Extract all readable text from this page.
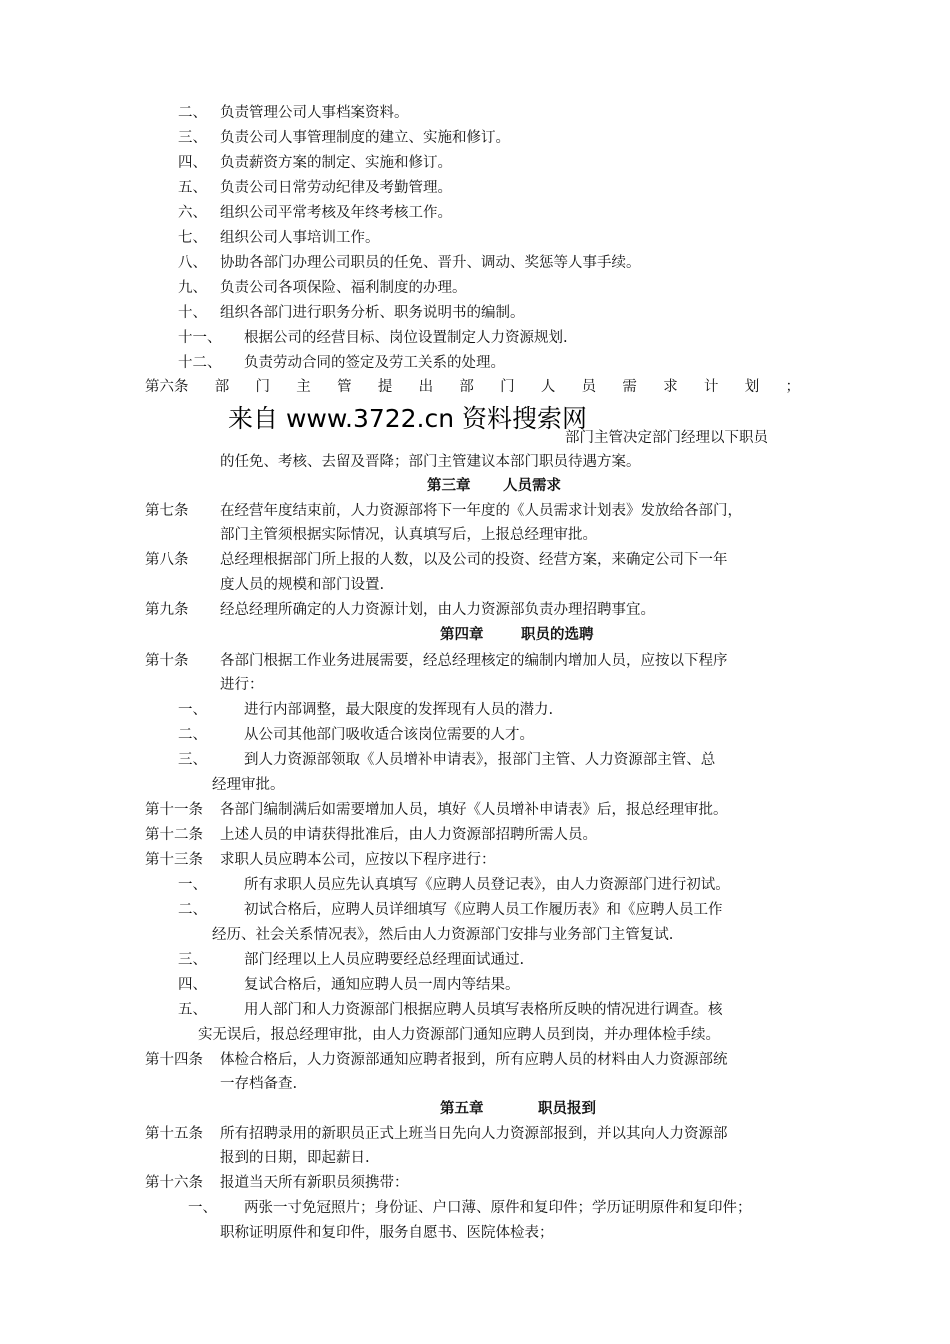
二、 负责管理公司人事档案资料。
三、 负责公司人事管理制度的建立、实施和修订。
四、 负责薪资方案的制定、实施和修订。
五、 负责公司日常劳动纪律及考勤管理。
六、 组织公司平常考核及年终考核工作。
七、 组织公司人事培训工作。
八、 协助各部门办理公司职员的任免、晋升、调动、奖惩等人事手续。
九、 负责公司各项保险、福利制度的办理。
十、 组织各部门进行职务分析、职务说明书的编制。
十一、 根据公司的经营目标、岗位设置制定人力资源规划.
十二、 负责劳动合同的签定及劳工关系的处理。
第六条 部 门 主 管 提 出 部 门 人 员 需 求 计 划 ；
来自 www.3722.cn 资料搜索网
部门主管决定部门经理以下职员
的任免、考核、去留及晋降；部门主管建议本部门职员待遇方案。
第三章 人员需求
第七条 在经营年度结束前，人力资源部将下一年度的《人员需求计划表》发放给各部门，
部门主管须根据实际情况，认真填写后，上报总经理审批。
第八条 总经理根据部门所上报的人数，以及公司的投资、经营方案，来确定公司下一年
度人员的规模和部门设置.
第九条 经总经理所确定的人力资源计划，由人力资源部负责办理招聘事宜。
第四章	职员的选聘
第十条 各部门根据工作业务进展需要，经总经理核定的编制内增加人员，应按以下程序
进行：
一、	进行内部调整，最大限度的发挥现有人员的潜力.
二、	从公司其他部门吸收适合该岗位需要的人才。
三、	到人力资源部领取《人员增补申请表》，报部门主管、人力资源部主管、总
经理审批。
第十一条 各部门编制满后如需要增加人员，填好《人员增补申请表》后，报总经理审批。
第十二条 上述人员的申请获得批准后，由人力资源部招聘所需人员。
第十三条 求职人员应聘本公司，应按以下程序进行：
一、	所有求职人员应先认真填写《应聘人员登记表》，由人力资源部门进行初试。
二、	初试合格后，应聘人员详细填写《应聘人员工作履历表》和《应聘人员工作
经历、社会关系情况表》，然后由人力资源部门安排与业务部门主管复试.
三、	部门经理以上人员应聘要经总经理面试通过.
四、	复试合格后，通知应聘人员一周内等结果。
五、	用人部门和人力资源部门根据应聘人员填写表格所反映的情况进行调查。核
实无误后，报总经理审批，由人力资源部门通知应聘人员到岗，并办理体检手续。
第十四条 体检合格后，人力资源部通知应聘者报到，所有应聘人员的材料由人力资源部统
一存档备查.
第五章	职员报到
第十五条 所有招聘录用的新职员正式上班当日先向人力资源部报到，并以其向人力资源部
报到的日期，即起薪日.
第十六条 报道当天所有新职员须携带：
一、 两张一寸免冠照片；身份证、户口薄、原件和复印件；学历证明原件和复印件；
职称证明原件和复印件，服务自愿书、医院体检表；
